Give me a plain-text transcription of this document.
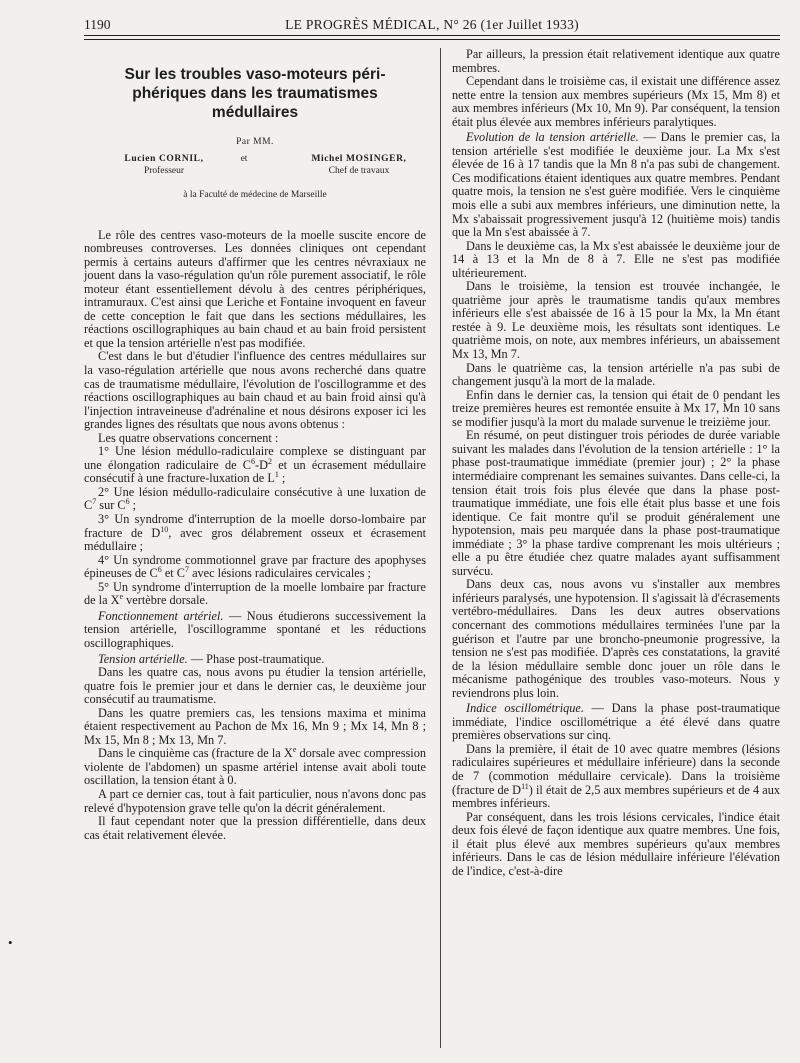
1190	LE PROGRÈS MÉDICAL, N° 26 (1er Juillet 1933)
Sur les troubles vaso-moteurs péri-
phériques dans les traumatismes
médullaires
Par MM.
Lucien CORNIL,
Professeur
et	Michel MOSINGER,
Chef de travaux
à la Faculté de médecine de Marseille

Le rôle des centres vaso-moteurs de la moelle suscite encore de nombreuses controverses. Les données cliniques ont cependant permis à certains auteurs d'affirmer que les centres névraxiaux ne jouent dans la vaso-régulation qu'un rôle purement associatif, le rôle moteur étant essentiellement dévolu à des centres périphériques, intramuraux. C'est ainsi que Leriche et Fontaine invoquent en faveur de cette conception le fait que dans les sections médullaires, les réactions oscillographiques au bain chaud et au bain froid persistent et que la tension artérielle n'est pas modifiée.

C'est dans le but d'étudier l'influence des centres médullaires sur la vaso-régulation artérielle que nous avons recherché dans quatre cas de traumatisme médullaire, l'évolution de l'oscillogramme et des réactions oscillographiques au bain chaud et au bain froid ainsi qu'à l'injection intraveineuse d'adrénaline et nous désirons exposer ici les grandes lignes des résultats que nous avons obtenus :

Les quatre observations concernent :

1° Une lésion médullo-radiculaire complexe se distinguant par une élongation radiculaire de $C^6-D^2$ et un écrasement médullaire consécutif à une fracture-luxation de $L^1$ ;

2° Une lésion médullo-radiculaire consécutive à une luxation de $C^7$ sur $C^6$ ;

3° Un syndrome d'interruption de la moelle dorso-lombaire par fracture de $D^{10}$, avec gros délabrement osseux et écrasement médullaire ;

4° Un syndrome commotionnel grave par fracture des apophyses épineuses de $C^6$ et $C^7$ avec lésions radiculaires cervicales ;

5° Un syndrome d'interruption de la moelle lombaire par fracture de la Xe vertèbre dorsale.

Fonctionnement artériel. — Nous étudierons successivement la tension artérielle, l'oscillogramme spontané et les réductions oscillographiques.

Tension artérielle. — Phase post-traumatique.

Dans les quatre cas, nous avons pu étudier la tension artérielle, quatre fois le premier jour et dans le dernier cas, le deuxième jour consécutif au traumatisme.

Dans les quatre premiers cas, les tensions maxima et minima étaient respectivement au Pachon de Mx 16, Mn 9 ; Mx 14, Mn 8 ; Mx 15, Mn 8 ; Mx 13, Mn 7.

Dans le cinquième cas (fracture de la Xe dorsale avec compression violente de l'abdomen) un spasme artériel intense avait aboli toute oscillation, la tension étant à 0.

A part ce dernier cas, tout à fait particulier, nous n'avons donc pas relevé d'hypotension grave telle qu'on la décrit généralement.

Il faut cependant noter que la pression différentielle, dans deux cas était relativement élevée.

Par ailleurs, la pression était relativement identique aux quatre membres.

Cependant dans le troisième cas, il existait une différence assez nette entre la tension aux membres supérieurs (Mx 15, Mm 8) et aux membres inférieurs (Mx 10, Mn 9). Par conséquent, la tension était plus élevée aux membres inférieurs paralytiques.

Evolution de la tension artérielle. — Dans le premier cas, la tension artérielle s'est modifiée le deuxième jour. La Mx s'est élevée de 16 à 17 tandis que la Mn 8 n'a pas subi de changement. Ces modifications étaient identiques aux quatre membres. Pendant quatre mois, la tension ne s'est guère modifiée. Vers le cinquième mois elle a subi aux membres inférieurs, une diminution nette, la Mx s'abaissait progressivement jusqu'à 12 (huitième mois) tandis que la Mn s'est abaissée à 7.

Dans le deuxième cas, la Mx s'est abaissée le deuxième jour de 14 à 13 et la Mn de 8 à 7. Elle ne s'est pas modifiée ultérieurement.

Dans le troisième, la tension est trouvée inchangée, le quatrième jour après le traumatisme tandis qu'aux membres inférieurs elle s'est abaissée de 16 à 15 pour la Mx, la Mn étant restée à 9. Le deuxième mois, les résultats sont identiques. Le quatrième mois, on note, aux membres inférieurs, un abaissement Mx 13, Mn 7.

Dans le quatrième cas, la tension artérielle n'a pas subi de changement jusqu'à la mort de la malade.

Enfin dans le dernier cas, la tension qui était de 0 pendant les treize premières heures est remontée ensuite à Mx 17, Mn 10 sans se modifier jusqu'à la mort du malade survenue le treizième jour.

En résumé, on peut distinguer trois périodes de durée variable suivant les malades dans l'évolution de la tension artérielle : 1° la phase post-traumatique immédiate (premier jour) ; 2° la phase intermédiaire comprenant les semaines suivantes. Dans celle-ci, la tension était trois fois plus élevée que dans la phase post-traumatique immédiate, une fois elle était plus basse et une fois identique. Ce fait montre qu'il se produit généralement une hypotension, mais peu marquée dans la phase post-traumatique immédiate ; 3° la phase tardive comprenant les mois ultérieurs ; elle a pu être étudiée chez quatre malades ayant suffisamment survécu.

Dans deux cas, nous avons vu s'installer aux membres inférieurs paralysés, une hypotension. Il s'agissait là d'écrasements vertébro-médullaires. Dans les deux autres observations concernant des commotions médullaires terminées l'une par la guérison et l'autre par une broncho-pneumonie progressive, la tension ne s'est pas modifiée. D'après ces constatations, la gravité de la lésion médullaire semble donc jouer un rôle dans le mécanisme pathogénique des troubles vaso-moteurs. Nous y reviendrons plus loin.

Indice oscillométrique. — Dans la phase post-traumatique immédiate, l'indice oscillométrique a été élevé dans quatre premières observations sur cinq.

Dans la première, il était de 10 avec quatre membres (lésions radiculaires supérieures et médullaire inférieure) dans la seconde de 7 (commotion médullaire cervicale). Dans la troisième (fracture de $D^{11}$) il était de 2,5 aux membres supérieurs et de 4 aux membres inférieurs.

Par conséquent, dans les trois lésions cervicales, l'indice était deux fois élevé de façon identique aux quatre membres. Une fois, il était plus élevé aux membres supérieurs qu'aux membres inférieurs. Dans le cas de lésion médullaire inférieure l'élévation de l'indice, c'est-à-dire

•
